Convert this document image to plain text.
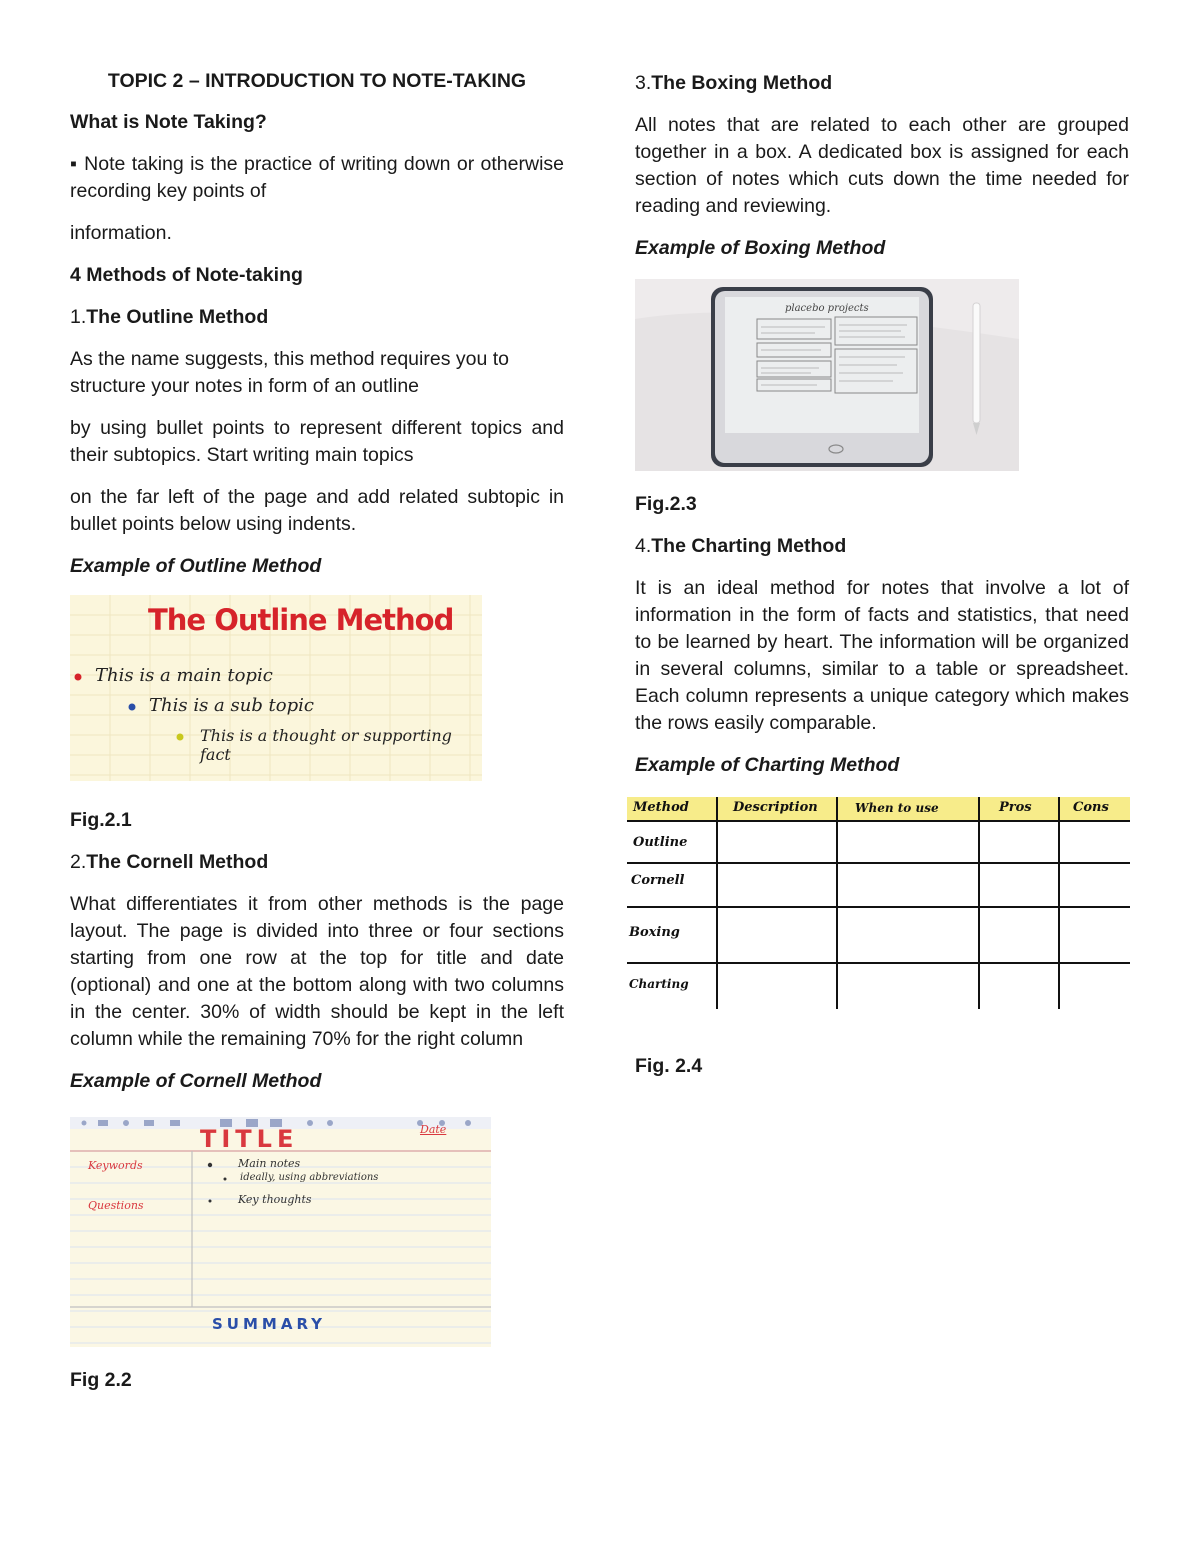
TOPIC 2 – INTRODUCTION TO NOTE-TAKING

What is Note Taking?

▪ Note taking is the practice of writing down or otherwise recording key points of

information.

4 Methods of Note-taking

1.The Outline Method

As the name suggests, this method requires you to structure your notes in form of an outline

by using bullet points to represent different topics and their subtopics. Start writing main topics

on the far left of the page and add related subtopic in bullet points below using indents.

Example of Outline Method

The Outline Method
This is a main topic
This is a sub topic
This is a thought or supporting fact

Fig.2.1

2.The Cornell Method

What differentiates it from other methods is the page layout. The page is divided into three or four sections starting from one row at the top for title and date (optional) and one at the bottom along with two columns in the center. 30% of width should be kept in the left column while the remaining 70% for the right column

Example of Cornell Method

TITLE	Date
Keywords
Questions
Main notes
ideally, using abbreviations
Key thoughts
SUMMARY

Fig 2.2

3.The Boxing Method

All notes that are related to each other are grouped together in a box. A dedicated box is assigned for each section of notes which cuts down the time needed for reading and reviewing.

Example of Boxing Method

placebo projects

Fig.2.3

4.The Charting Method

It is an ideal method for notes that involve a lot of information in the form of facts and statistics, that need to be learned by heart. The information will be organized in several columns, similar to a table or spreadsheet. Each column represents a unique category which makes the rows easily comparable.

Example of Charting Method

Method	Description	When to use	Pros	Cons
Outline
Cornell
Boxing
Charting

Fig. 2.4
